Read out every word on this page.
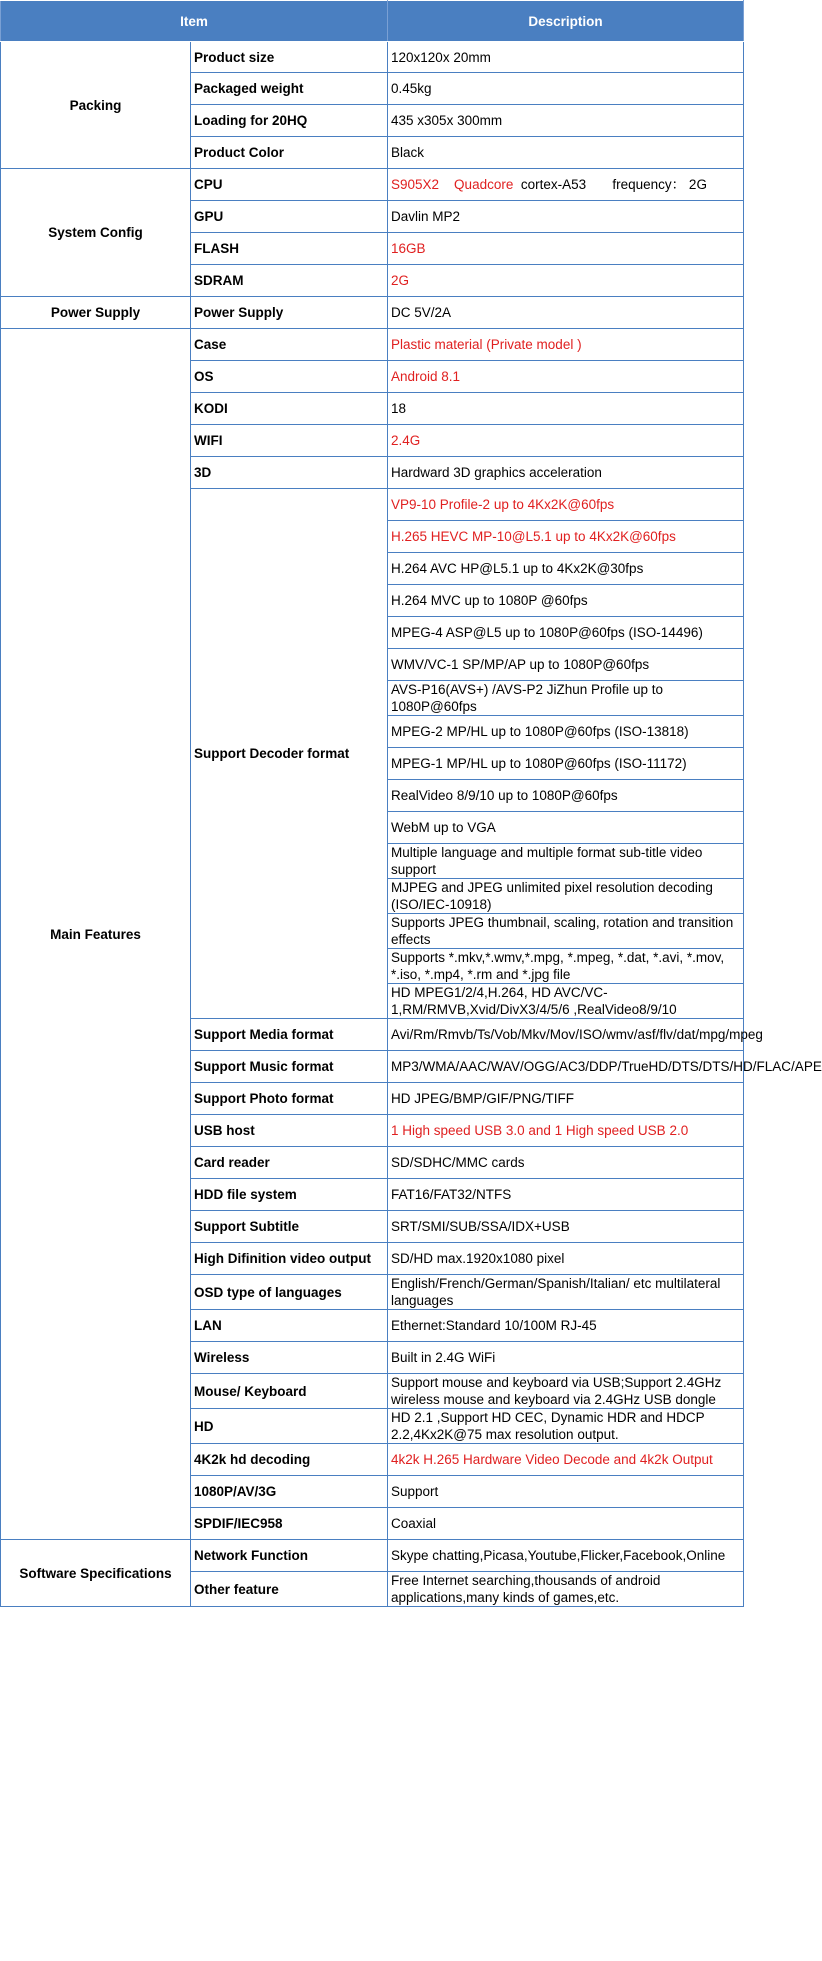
Item		Description
Packing	Product size	120x120x 20mm
	Packaged weight	0.45kg
	Loading for 20HQ	435 x305x 300mm
	Product Color	Black
System Config	CPU	S905X2    Quadcore  cortex-A53       frequency： 2G
	GPU	Davlin MP2
	FLASH	16GB
	SDRAM	2G
Power Supply	Power Supply	DC 5V/2A
Main Features	Case	Plastic material (Private model )
	OS	Android 8.1
	KODI	18
	WIFI	2.4G
	3D	Hardward 3D graphics acceleration
	Support Decoder format	VP9-10 Profile-2 up to 4Kx2K@60fps
		H.265 HEVC MP-10@L5.1 up to 4Kx2K@60fps
		H.264 AVC HP@L5.1 up to 4Kx2K@30fps
		H.264 MVC up to 1080P @60fps
		MPEG-4 ASP@L5 up to 1080P@60fps (ISO-14496)
		WMV/VC-1 SP/MP/AP up to 1080P@60fps
		AVS-P16(AVS+) /AVS-P2 JiZhun Profile up to 1080P@60fps
		MPEG-2 MP/HL up to 1080P@60fps (ISO-13818)
		MPEG-1 MP/HL up to 1080P@60fps (ISO-11172)
		RealVideo 8/9/10 up to 1080P@60fps
		WebM up to VGA
		Multiple language and multiple format sub-title video support
		MJPEG and JPEG unlimited pixel resolution decoding (ISO/IEC-10918)
		Supports JPEG thumbnail, scaling, rotation and transition effects
		Supports *.mkv,*.wmv,*.mpg, *.mpeg, *.dat, *.avi, *.mov, *.iso, *.mp4, *.rm and *.jpg file
		HD MPEG1/2/4,H.264, HD AVC/VC-1,RM/RMVB,Xvid/DivX3/4/5/6 ,RealVideo8/9/10
	Support Media format	Avi/Rm/Rmvb/Ts/Vob/Mkv/Mov/ISO/wmv/asf/flv/dat/mpg/mpeg
	Support Music format	MP3/WMA/AAC/WAV/OGG/AC3/DDP/TrueHD/DTS/DTS/HD/FLAC/APE
	Support Photo format	HD JPEG/BMP/GIF/PNG/TIFF
	USB host	1 High speed USB 3.0 and 1 High speed USB 2.0
	Card reader	SD/SDHC/MMC cards
	HDD file system	FAT16/FAT32/NTFS
	Support Subtitle	SRT/SMI/SUB/SSA/IDX+USB
	High Difinition video output	SD/HD max.1920x1080 pixel
	OSD type of languages	English/French/German/Spanish/Italian/ etc multilateral languages
	LAN	Ethernet:Standard 10/100M RJ-45
	Wireless	Built in 2.4G WiFi
	Mouse/ Keyboard	Support mouse and keyboard via USB;Support 2.4GHz wireless mouse and keyboard via 2.4GHz USB dongle
	HD	HD 2.1 ,Support HD CEC, Dynamic HDR and HDCP 2.2,4Kx2K@75 max resolution output.
	4K2k hd decoding	4k2k H.265 Hardware Video Decode and 4k2k Output
	1080P/AV/3G	Support
	SPDIF/IEC958	Coaxial
Software Specifications	Network Function	Skype chatting,Picasa,Youtube,Flicker,Facebook,Online
	Other feature	Free Internet searching,thousands of android applications,many kinds of games,etc.
